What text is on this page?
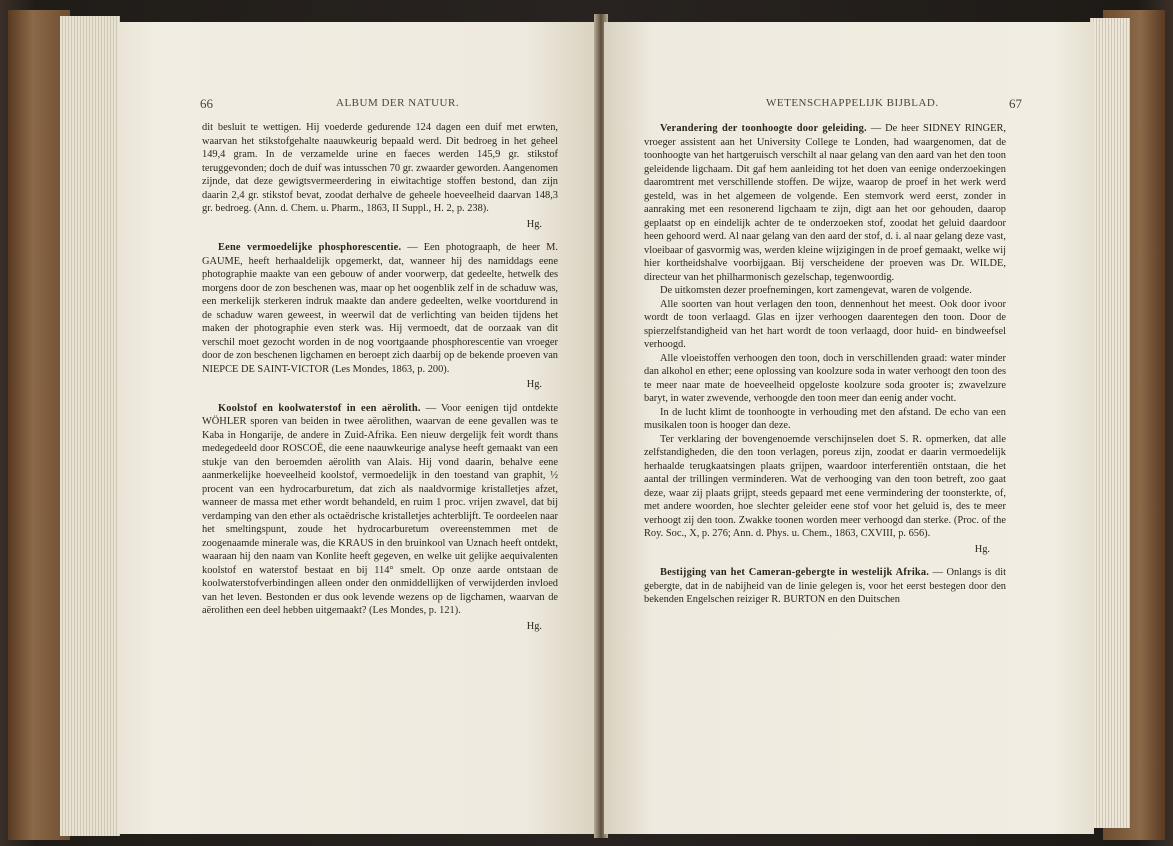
66	ALBUM DER NATUUR.

dit besluit te wettigen. Hij voederde gedurende 124 dagen een duif met erwten, waarvan het stikstofgehalte naauwkeurig bepaald werd. Dit bedroeg in het geheel 149,4 gram. In de verzamelde urine en faeces werden 145,9 gr. stikstof teruggevonden; doch de duif was intusschen 70 gr. zwaarder geworden. Aangenomen zijnde, dat deze gewigtsvermeerdering in eiwitachtige stoffen bestond, dan zijn daarin 2,4 gr. stikstof bevat, zoodat derhalve de geheele hoeveelheid daarvan 148,3 gr. bedroeg. (Ann. d. Chem. u. Pharm., 1863, II Suppl., H. 2, p. 238).

Hg.

Eene vermoedelijke phosphorescentie. — Een photograaph, de heer M. GAUME, heeft herhaaldelijk opgemerkt, dat, wanneer hij des namiddags eene photographie maakte van een gebouw of ander voorwerp, dat gedeelte, hetwelk des morgens door de zon beschenen was, maar op het oogenblik zelf in de schaduw was, een merkelijk sterkeren indruk maakte dan andere gedeelten, welke voortdurend in de schaduw waren geweest, in weerwil dat de verlichting van beiden tijdens het maken der photographie even sterk was. Hij vermoedt, dat de oorzaak van dit verschil moet gezocht worden in de nog voortgaande phosphorescentie van vroeger door de zon beschenen ligchamen en beroept zich daarbij op de bekende proeven van NIEPCE DE SAINT-VICTOR (Les Mondes, 1863, p. 200).

Hg.

Koolstof en koolwaterstof in een aërolith. — Voor eenigen tijd ontdekte WÖHLER sporen van beiden in twee aërolithen, waarvan de eene gevallen was te Kaba in Hongarije, de andere in Zuid-Afrika. Een nieuw dergelijk feit wordt thans medegedeeld door ROSCOË, die eene naauwkeurige analyse heeft gemaakt van een stukje van den beroemden aërolith van Alais. Hij vond daarin, behalve eene aanmerkelijke hoeveelheid koolstof, vermoedelijk in den toestand van graphit, ½ procent van een hydrocarburetum, dat zich als naaldvormige kristalletjes afzet, wanneer de massa met ether wordt behandeld, en ruim 1 proc. vrijen zwavel, dat bij verdamping van den ether als octaëdrische kristalletjes achterblijft. Te oordeelen naar het smeltingspunt, zoude het hydrocarburetum overeenstemmen met de zoogenaamde minerale was, die KRAUS in den bruinkool van Uznach heeft ontdekt, waaraan hij den naam van Konlite heeft gegeven, en welke uit gelijke aequivalenten koolstof en waterstof bestaat en bij 114° smelt. Op onze aarde ontstaan de koolwaterstofverbindingen alleen onder den onmiddellijken of verwijderden invloed van het leven. Bestonden er dus ook levende wezens op de ligchamen, waarvan de aërolithen een deel hebben uitgemaakt? (Les Mondes, p. 121).

Hg.

WETENSCHAPPELIJK BIJBLAD.	67

Verandering der toonhoogte door geleiding. — De heer SIDNEY RINGER, vroeger assistent aan het University College te Londen, had waargenomen, dat de toonhoogte van het hartgeruisch verschilt al naar gelang van den aard van het den toon geleidende ligchaam. Dit gaf hem aanleiding tot het doen van eenige onderzoekingen daaromtrent met verschillende stoffen. De wijze, waarop de proef in het werk werd gesteld, was in het algemeen de volgende. Een stemvork werd eerst, zonder in aanraking met een resonerend ligchaam te zijn, digt aan het oor gehouden, daarop geplaatst op en eindelijk achter de te onderzoeken stof, zoodat het geluid daardoor heen gehoord werd. Al naar gelang van den aard der stof, d. i. al naar gelang deze vast, vloeibaar of gasvormig was, werden kleine wijzigingen in de proef gemaakt, welke wij hier kortheidshalve voorbijgaan. Bij verscheidene der proeven was Dr. WILDE, directeur van het philharmonisch gezelschap, tegenwoordig.

De uitkomsten dezer proefnemingen, kort zamengevat, waren de volgende.

Alle soorten van hout verlagen den toon, dennenhout het meest. Ook door ivoor wordt de toon verlaagd. Glas en ijzer verhoogen daarentegen den toon. Door de spierzelfstandigheid van het hart wordt de toon verlaagd, door huid- en bindweefsel verhoogd.

Alle vloeistoffen verhoogen den toon, doch in verschillenden graad: water minder dan alkohol en ether; eene oplossing van koolzure soda in water verhoogt den toon des te meer naar mate de hoeveelheid opgeloste koolzure soda grooter is; zwavelzure baryt, in water zwevende, verhoogde den toon meer dan eenig ander vocht.

In de lucht klimt de toonhoogte in verhouding met den afstand. De echo van een musikalen toon is hooger dan deze.

Ter verklaring der bovengenoemde verschijnselen doet S. R. opmerken, dat alle zelfstandigheden, die den toon verlagen, poreus zijn, zoodat er daarin vermoedelijk herhaalde terugkaatsingen plaats grijpen, waardoor interferentiën ontstaan, die het aantal der trillingen verminderen. Wat de verhooging van den toon betreft, zoo gaat deze, waar zij plaats grijpt, steeds gepaard met eene vermindering der toonsterkte, of, met andere woorden, hoe slechter geleider eene stof voor het geluid is, des te meer verhoogt zij den toon. Zwakke toonen worden meer verhoogd dan sterke. (Proc. of the Roy. Soc., X, p. 276; Ann. d. Phys. u. Chem., 1863, CXVIII, p. 656).

Hg.

Bestijging van het Cameran-gebergte in westelijk Afrika. — Onlangs is dit gebergte, dat in de nabijheid van de linie gelegen is, voor het eerst bestegen door den bekenden Engelschen reiziger R. BURTON en den Duitschen
